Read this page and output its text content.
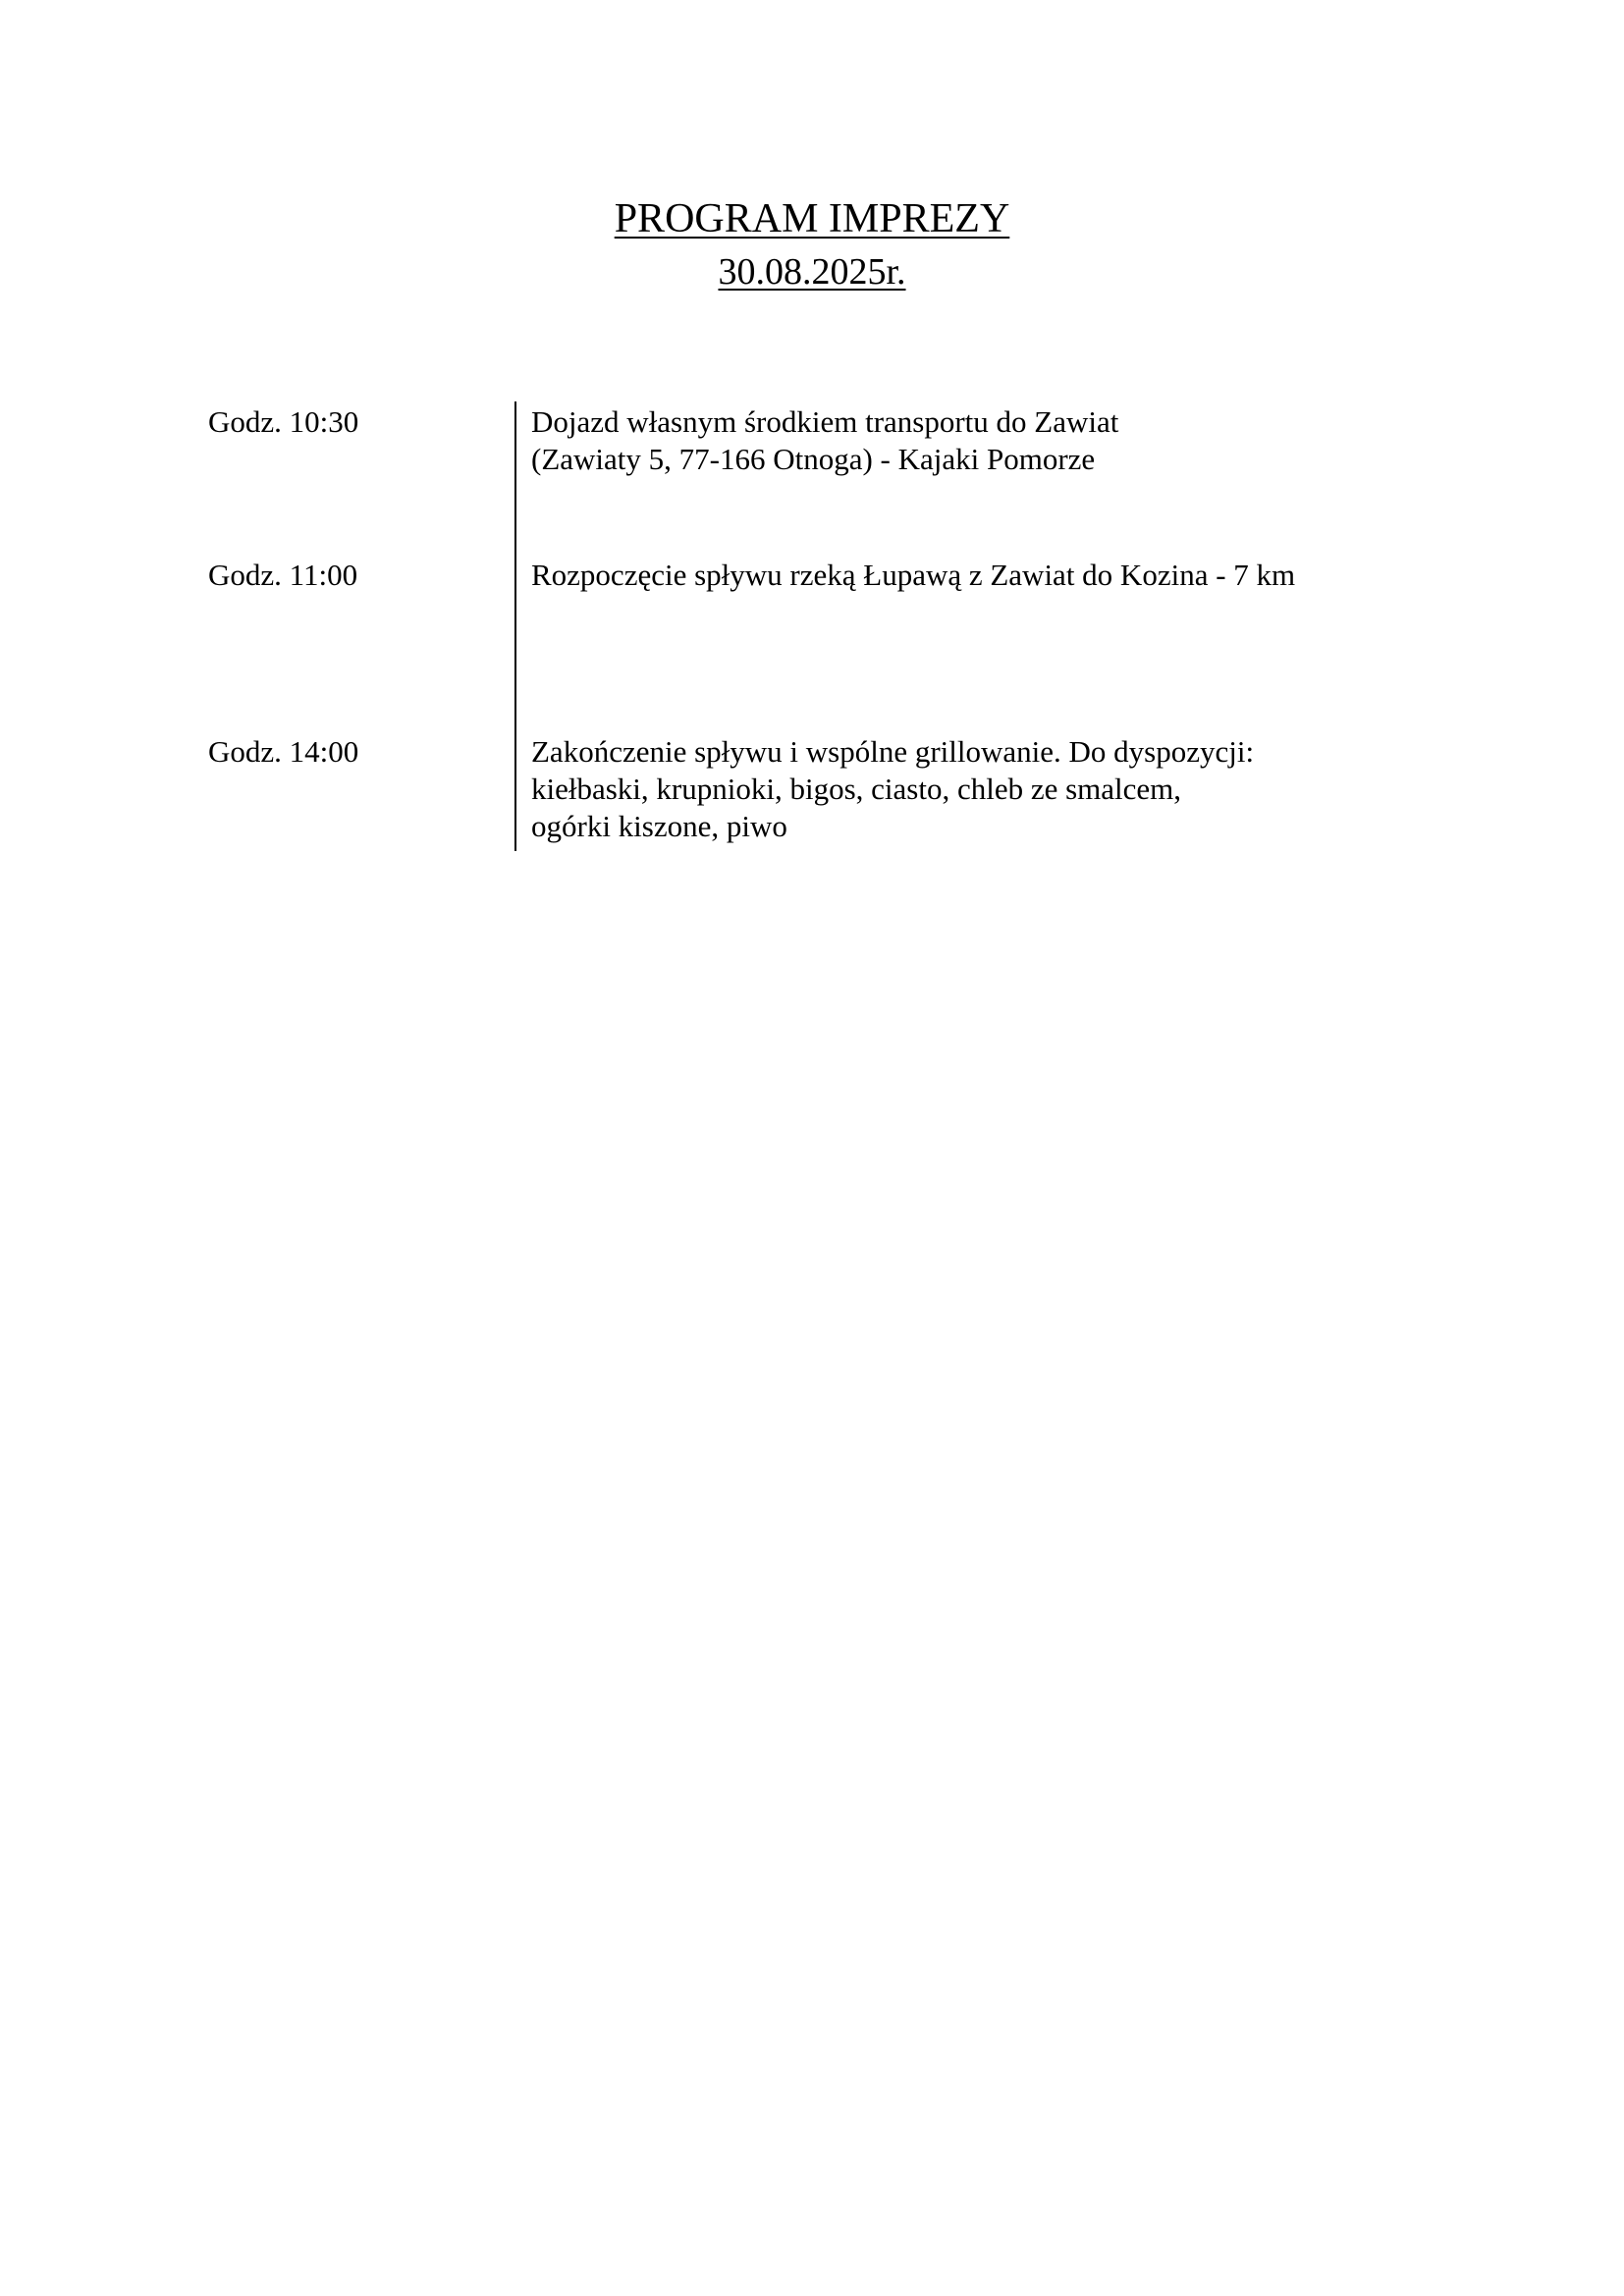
PROGRAM IMPREZY
30.08.2025r.
Godz. 10:30	Dojazd własnym środkiem transportu do Zawiat
(Zawiaty 5, 77-166 Otnoga) - Kajaki Pomorze
Godz. 11:00	Rozpoczęcie spływu rzeką Łupawą z Zawiat do Kozina - 7 km
Godz. 14:00	Zakończenie spływu i wspólne grillowanie. Do dyspozycji:
kiełbaski, krupnioki, bigos, ciasto, chleb ze smalcem,
ogórki kiszone, piwo
